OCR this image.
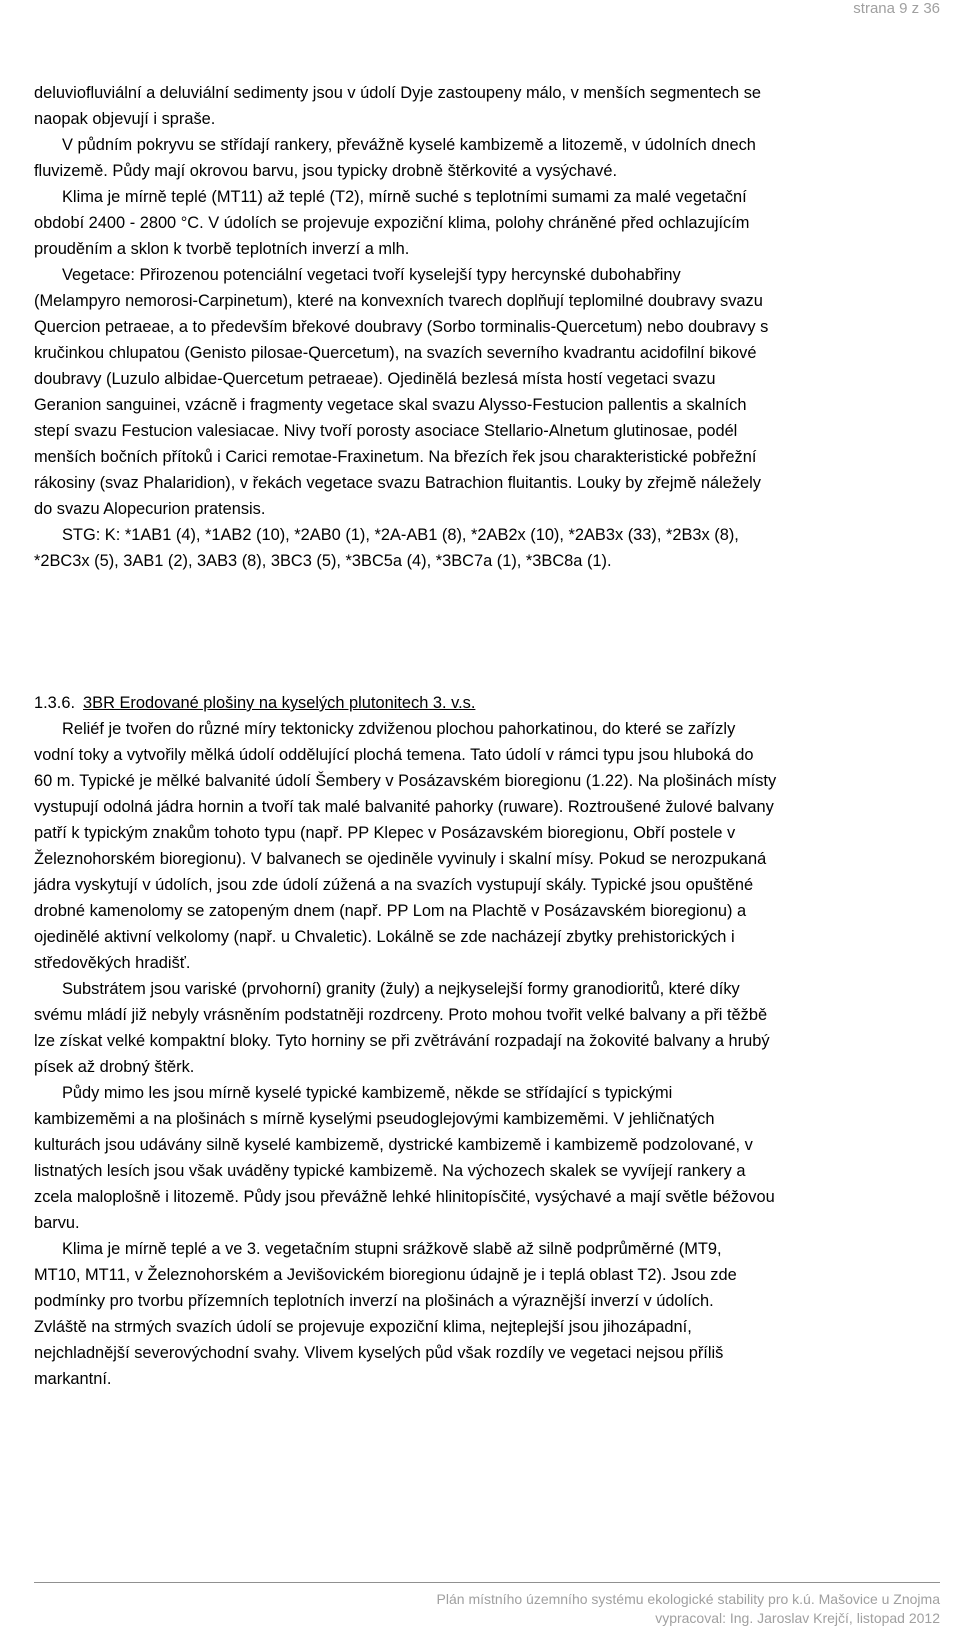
strana 9 z 36
deluviofluviální a deluviální sedimenty jsou v údolí Dyje zastoupeny málo, v menších segmentech se
naopak objevují i spraše.
V půdním pokryvu se střídají rankery, převážně kyselé kambizemě a litozemě, v údolních dnech
fluvizemě. Půdy mají okrovou barvu, jsou typicky drobně štěrkovité a vysýchavé.
Klima je mírně teplé (MT11) až teplé (T2), mírně suché s teplotními sumami za malé vegetační
období 2400 - 2800 °C. V údolích se projevuje expoziční klima, polohy chráněné před ochlazujícím
prouděním a sklon k tvorbě teplotních inverzí a mlh.
Vegetace: Přirozenou potenciální vegetaci tvoří kyselejší typy hercynské dubohabřiny
(Melampyro nemorosi-Carpinetum), které na konvexních tvarech doplňují teplomilné doubravy svazu
Quercion petraeae, a to především břekové doubravy (Sorbo torminalis-Quercetum) nebo doubravy s
kručinkou chlupatou (Genisto pilosae-Quercetum), na svazích severního kvadrantu acidofilní bikové
doubravy (Luzulo albidae-Quercetum petraeae). Ojedinělá bezlesá místa hostí vegetaci svazu
Geranion sanguinei, vzácně i fragmenty vegetace skal svazu Alysso-Festucion pallentis a skalních
stepí svazu Festucion valesiacae. Nivy tvoří porosty asociace Stellario-Alnetum glutinosae, podél
menších bočních přítoků i Carici remotae-Fraxinetum. Na březích řek jsou charakteristické pobřežní
rákosiny (svaz Phalaridion), v řekách vegetace svazu Batrachion fluitantis. Louky by zřejmě náležely
do svazu Alopecurion pratensis.
STG: K: *1AB1 (4), *1AB2 (10), *2AB0 (1), *2A-AB1 (8), *2AB2x (10), *2AB3x (33), *2B3x (8),
*2BC3x (5), 3AB1 (2), 3AB3 (8), 3BC3 (5), *3BC5a (4), *3BC7a (1), *3BC8a (1).
1.3.6. 3BR Erodované plošiny na kyselých plutonitech 3. v.s.
Reliéf je tvořen do různé míry tektonicky zdviženou plochou pahorkatinou, do které se zařízly
vodní toky a vytvořily mělká údolí oddělující plochá temena. Tato údolí v rámci typu jsou hluboká do
60 m. Typické je mělké balvanité údolí Šembery v Posázavském bioregionu (1.22). Na plošinách místy
vystupují odolná jádra hornin a tvoří tak malé balvanité pahorky (ruware). Roztroušené žulové balvany
patří k typickým znakům tohoto typu (např. PP Klepec v Posázavském bioregionu, Obří postele v
Železnohorském bioregionu). V balvanech se ojediněle vyvinuly i skalní mísy. Pokud se nerozpukaná
jádra vyskytují v údolích, jsou zde údolí zúžená a na svazích vystupují skály. Typické jsou opuštěné
drobné kamenolomy se zatopeným dnem (např. PP Lom na Plachtě v Posázavském bioregionu) a
ojedinělé aktivní velkolomy (např. u Chvaletic). Lokálně se zde nacházejí zbytky prehistorických i
středověkých hradišť.
Substrátem jsou variské (prvohorní) granity (žuly) a nejkyselejší formy granodioritů, které díky
svému mládí již nebyly vrásněním podstatněji rozdrceny. Proto mohou tvořit velké balvany a při těžbě
lze získat velké kompaktní bloky. Tyto horniny se při zvětrávání rozpadají na žokovité balvany a hrubý
písek až drobný štěrk.
Půdy mimo les jsou mírně kyselé typické kambizemě, někde se střídající s typickými
kambizeměmi a na plošinách s mírně kyselými pseudoglejovými kambizeměmi. V jehličnatých
kulturách jsou udávány silně kyselé kambizemě, dystrické kambizemě i kambizemě podzolované, v
listnatých lesích jsou však uváděny typické kambizemě. Na výchozech skalek se vyvíjejí rankery a
zcela maloplošně i litozemě. Půdy jsou převážně lehké hlinitopísčité, vysýchavé a mají světle béžovou
barvu.
Klima je mírně teplé a ve 3. vegetačním stupni srážkově slabě až silně podprůměrné (MT9,
MT10, MT11, v Železnohorském a Jevišovickém bioregionu údajně je i teplá oblast T2). Jsou zde
podmínky pro tvorbu přízemních teplotních inverzí na plošinách a výraznější inverzí v údolích.
Zvláště na strmých svazích údolí se projevuje expoziční klima, nejteplejší jsou jihozápadní,
nejchladnější severovýchodní svahy. Vlivem kyselých půd však rozdíly ve vegetaci nejsou příliš
markantní.
Plán místního územního systému ekologické stability pro k.ú. Mašovice u Znojma
vypracoval: Ing. Jaroslav Krejčí, listopad 2012
